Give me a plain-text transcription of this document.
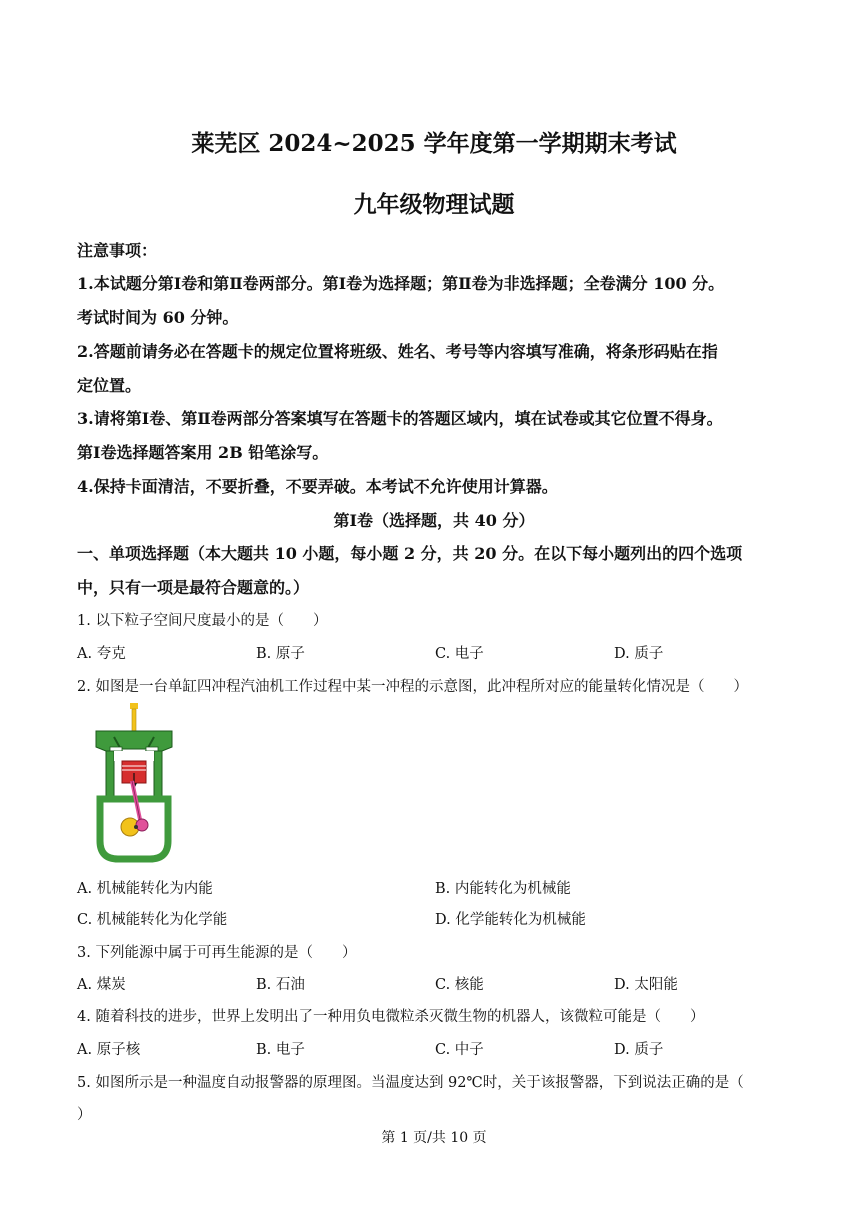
莱芜区 2024~2025 学年度第一学期期末考试
九年级物理试题
注意事项：
1.本试题分第Ⅰ卷和第Ⅱ卷两部分。第Ⅰ卷为选择题；第Ⅱ卷为非选择题；全卷满分 100 分。
考试时间为 60 分钟。
2.答题前请务必在答题卡的规定位置将班级、姓名、考号等内容填写准确，将条形码贴在指
定位置。
3.请将第Ⅰ卷、第Ⅱ卷两部分答案填写在答题卡的答题区域内，填在试卷或其它位置不得身。
第Ⅰ卷选择题答案用 2B 铅笔涂写。
4.保持卡面清洁，不要折叠，不要弄破。本考试不允许使用计算器。
第Ⅰ卷（选择题，共 40 分）
一、单项选择题（本大题共 10 小题，每小题 2 分，共 20 分。在以下每小题列出的四个选项
中，只有一项是最符合题意的。）
1. 以下粒子空间尺度最小的是（　　）
A. 夸克	B. 原子	C. 电子	D. 质子
2. 如图是一台单缸四冲程汽油机工作过程中某一冲程的示意图，此冲程所对应的能量转化情况是（　　）
A. 机械能转化为内能	B. 内能转化为机械能
C. 机械能转化为化学能	D. 化学能转化为机械能
3. 下列能源中属于可再生能源的是（　　）
A. 煤炭	B. 石油	C. 核能	D. 太阳能
4. 随着科技的进步，世界上发明出了一种用负电微粒杀灭微生物的机器人，该微粒可能是（　　）
A. 原子核	B. 电子	C. 中子	D. 质子
5. 如图所示是一种温度自动报警器的原理图。当温度达到 92℃时，关于该报警器，下到说法正确的是（
）
第 1 页/共 10 页
